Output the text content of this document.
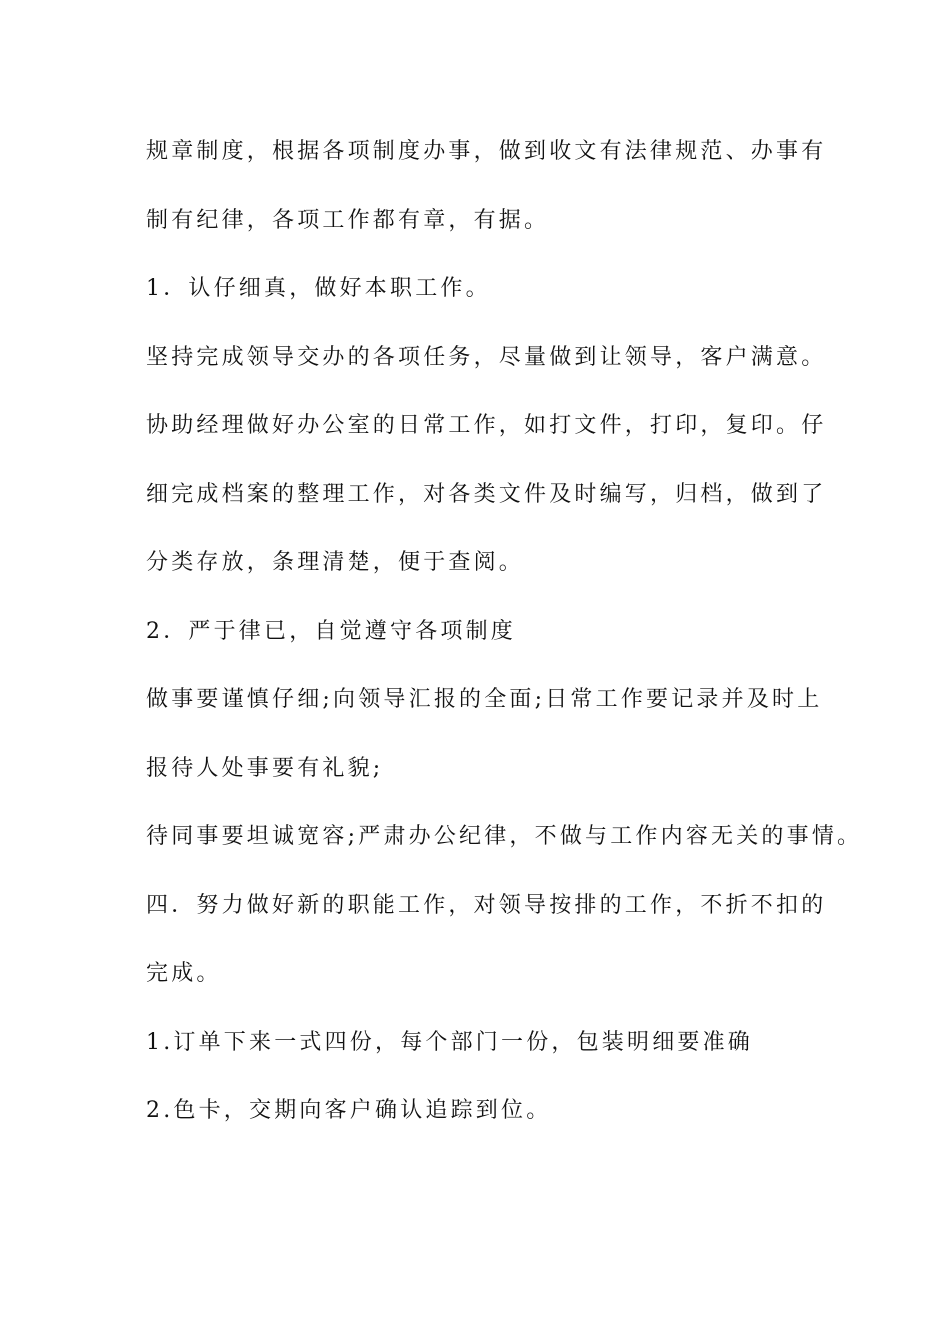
规章制度，根据各项制度办事，做到收文有法律规范、办事有
制有纪律，各项工作都有章，有据。
1．认仔细真，做好本职工作。
坚持完成领导交办的各项任务，尽量做到让领导，客户满意。
协助经理做好办公室的日常工作，如打文件，打印，复印。仔
细完成档案的整理工作，对各类文件及时编写，归档，做到了
分类存放，条理清楚，便于查阅。
2．严于律已，自觉遵守各项制度
做事要谨慎仔细;向领导汇报的全面;日常工作要记录并及时上
报待人处事要有礼貌;
待同事要坦诚宽容;严肃办公纪律，不做与工作内容无关的事情。
四．努力做好新的职能工作，对领导按排的工作，不折不扣的
完成。
1.订单下来一式四份，每个部门一份，包装明细要准确
2.色卡，交期向客户确认追踪到位。
